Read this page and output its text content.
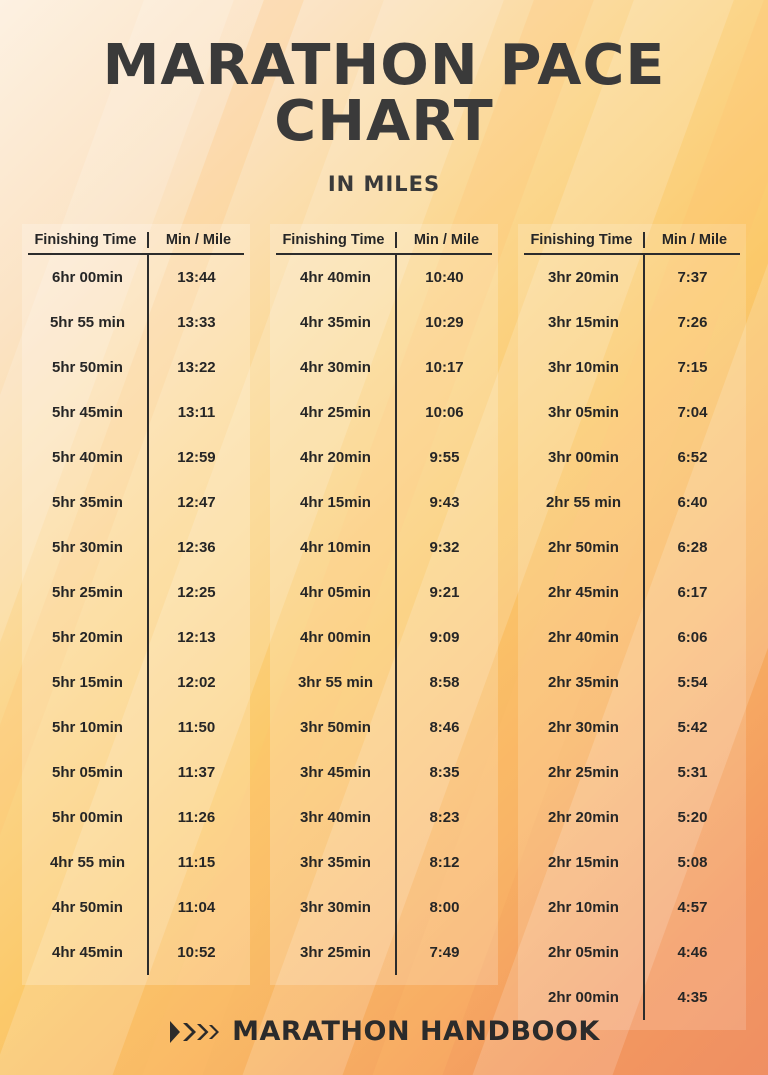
MARATHON PACE CHART
IN MILES
Finishing Time	Min / Mile
6hr 00min	13:44
5hr 55 min	13:33
5hr 50min	13:22
5hr 45min	13:11
5hr 40min	12:59
5hr 35min	12:47
5hr 30min	12:36
5hr 25min	12:25
5hr 20min	12:13
5hr 15min	12:02
5hr 10min	11:50
5hr 05min	11:37
5hr 00min	11:26
4hr 55 min	11:15
4hr 50min	11:04
4hr 45min	10:52
Finishing Time	Min / Mile
4hr 40min	10:40
4hr 35min	10:29
4hr 30min	10:17
4hr 25min	10:06
4hr 20min	9:55
4hr 15min	9:43
4hr 10min	9:32
4hr 05min	9:21
4hr 00min	9:09
3hr 55 min	8:58
3hr 50min	8:46
3hr 45min	8:35
3hr 40min	8:23
3hr 35min	8:12
3hr 30min	8:00
3hr 25min	7:49
Finishing Time	Min / Mile
3hr 20min	7:37
3hr 15min	7:26
3hr 10min	7:15
3hr 05min	7:04
3hr 00min	6:52
2hr 55 min	6:40
2hr 50min	6:28
2hr 45min	6:17
2hr 40min	6:06
2hr 35min	5:54
2hr 30min	5:42
2hr 25min	5:31
2hr 20min	5:20
2hr 15min	5:08
2hr 10min	4:57
2hr 05min	4:46
2hr 00min	4:35
MARATHON HANDBOOK
